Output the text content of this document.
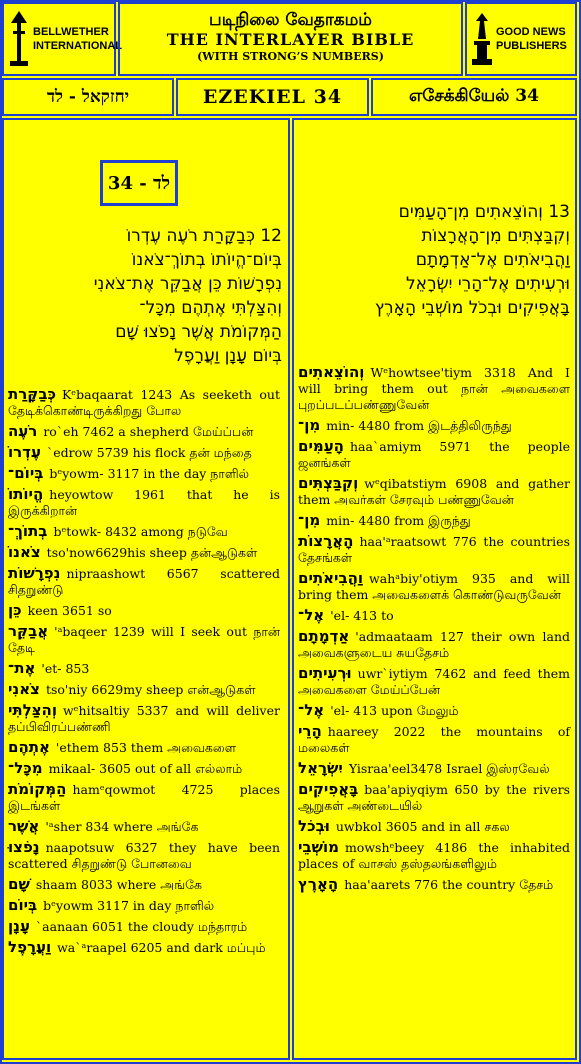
BELLWETHER INTERNATIONAL
படிநிலை வேதாகமம்
THE INTERLAYER BIBLE
(WITH STRONG’S NUMBERS)
GOOD NEWS PUBLISHERS
יחזקאל - לד	EZEKIEL 34	எசேக்கியேல் 34
34 - לד
12 כְּבַקָּרַת רֹעֶה עֶדְרוֹ
בְּיוֹם־הֱיוֹתוֹ בְתוֹךְ־צֹאנוֹ
נִפְרָשׁוֹת כֵּן אֲבַקֵּר אֶת־צֹאנִי
וְהִצַּלְתִּי אֶתְהֶם מִכָּל־
הַמְּקוֹמֹת אֲשֶׁר נָפֹצוּ שָׁם
בְּיוֹם עָנָן וַעֲרָפֶל
כְּבַקָּרַת Kᵉbaqaarat 1243 As seeketh out தேடிக்கொண்டிருக்கிறது போல
רֹעֶה ro`eh 7462 a shepherd மேய்ப்பன்
עֶדְרוֹ `edrow 5739 his flock தன் மந்தை
בְּיוֹם־ bᵉyowm- 3117 in the day நாளில்
הֱיוֹתוֹ heyowtow 1961 that he is இருக்கிறான்
בְתוֹךְ־ bᵉtowk- 8432 among நடுவே
צֹאנוֹ tso'now6629his sheep தன்ஆடுகள்
נִפְרָשׁוֹת nipraashowt 6567 scattered சிதறுண்டு
כֵּן keen 3651 so
אֲבַקֵּר 'ᵃbaqeer 1239 will I seek out நான் தேடி
אֶת־ 'et- 853
צֹאנִי tso'niy 6629my sheep என்ஆடுகள்
וְהִצַּלְתִּי wᵉhitsaltiy 5337 and will deliver தப்பிவிரப்பண்ணி
אֶתְהֶם 'ethem 853 them அவைகளை
מִכָּל־ mikaal- 3605 out of all எல்லாம்
הַמְּקוֹמֹת hamᵉqowmot 4725 places இடங்கள்
אֲשֶׁר 'ᵃsher 834 where அங்கே
נָפֹצוּ naapotsuw 6327 they have been scattered சிதறுண்டு போனவை
שָׁם shaam 8033 where அங்கே
בְּיוֹם bᵉyowm 3117 in day நாளில்
עָנָן `aanaan 6051 the cloudy மந்தாரம்
וַעֲרָפֶל wa`ᵃraapel 6205 and dark மப்பும்
13 וְהוֹצֵאתִים מִן־הָעַמִּים
וְקִבַּצְתִּים מִן־הָאֲרָצוֹת
וַהֲבִיאֹתִים אֶל־אַדְמָתָם
וּרְעִיתִים אֶל־הָרֵי יִשְׂרָאֵל
בָּאֲפִיקִים וּבְכֹל מוֹשְׁבֵי הָאָרֶץ
וְהוֹצֵאתִים Wᵉhowtsee'tiym 3318 And I will bring them out நான் அவைகளை புறப்படப்பண்ணுவேன்
מִן־ min- 4480 from இடத்திலிருந்து
הָעַמִּים haa`amiym 5971 the people ஜனங்கள்
וְקִבַּצְתִּים wᵉqibatstiym 6908 and gather them அவர்கள் சேரவும் பண்ணுவேன்
מִן־ min- 4480 from இருந்து
הָאֲרָצוֹת haa'ᵃraatsowt 776 the countries தேசங்கள்
וַהֲבִיאֹתִים wahᵃbiy'otiym 935 and will bring them அவைகளைக் கொண்டுவருவேன்
אֶל־ 'el- 413 to
אַדְמָתָם 'admaataam 127 their own land அவைகளுடைய சுயதேசம்
וּרְעִיתִים uwr`iytiym 7462 and feed them அவைகளை மேய்ப்பேன்
אֶל־ 'el- 413 upon மேலும்
הָרֵי haareey 2022 the mountains of மலைகள்
יִשְׂרָאֵל Yisraa'eel3478 Israel இஸ்ரவேல்
בָּאֲפִיקִים baa'apiyqiym 650 by the rivers ஆறுகள் அண்டையில்
וּבְכֹל uwbkol 3605 and in all சகல
מוֹשְׁבֵי mowshᵉbeey 4186 the inhabited places of வாசஸ் தஸ்தலங்களிலும்
הָאָרֶץ haa'aarets 776 the country தேசம்
